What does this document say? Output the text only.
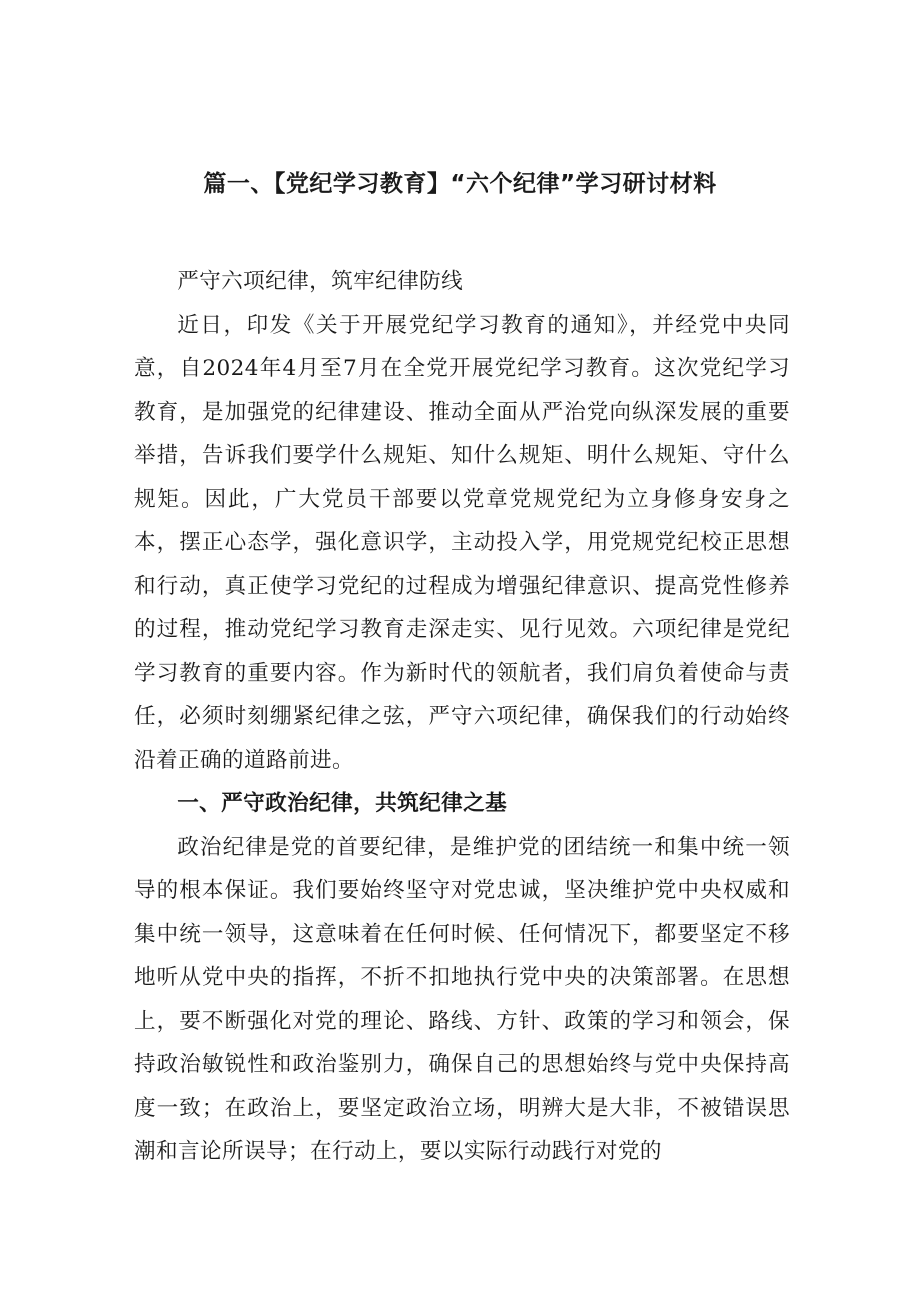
篇一、【党纪学习教育】“六个纪律”学习研讨材料

严守六项纪律，筑牢纪律防线

近日，印发《关于开展党纪学习教育的通知》，并经党中央同意，自2024年4月至7月在全党开展党纪学习教育。这次党纪学习教育，是加强党的纪律建设、推动全面从严治党向纵深发展的重要举措，告诉我们要学什么规矩、知什么规矩、明什么规矩、守什么规矩。因此，广大党员干部要以党章党规党纪为立身修身安身之本，摆正心态学，强化意识学，主动投入学，用党规党纪校正思想和行动，真正使学习党纪的过程成为增强纪律意识、提高党性修养的过程，推动党纪学习教育走深走实、见行见效。六项纪律是党纪学习教育的重要内容。作为新时代的领航者，我们肩负着使命与责任，必须时刻绷紧纪律之弦，严守六项纪律，确保我们的行动始终沿着正确的道路前进。

一、严守政治纪律，共筑纪律之基

政治纪律是党的首要纪律，是维护党的团结统一和集中统一领导的根本保证。我们要始终坚守对党忠诚，坚决维护党中央权威和集中统一领导，这意味着在任何时候、任何情况下，都要坚定不移地听从党中央的指挥，不折不扣地执行党中央的决策部署。在思想上，要不断强化对党的理论、路线、方针、政策的学习和领会，保持政治敏锐性和政治鉴别力，确保自己的思想始终与党中央保持高度一致；在政治上，要坚定政治立场，明辨大是大非，不被错误思潮和言论所误导；在行动上，要以实际行动践行对党的
